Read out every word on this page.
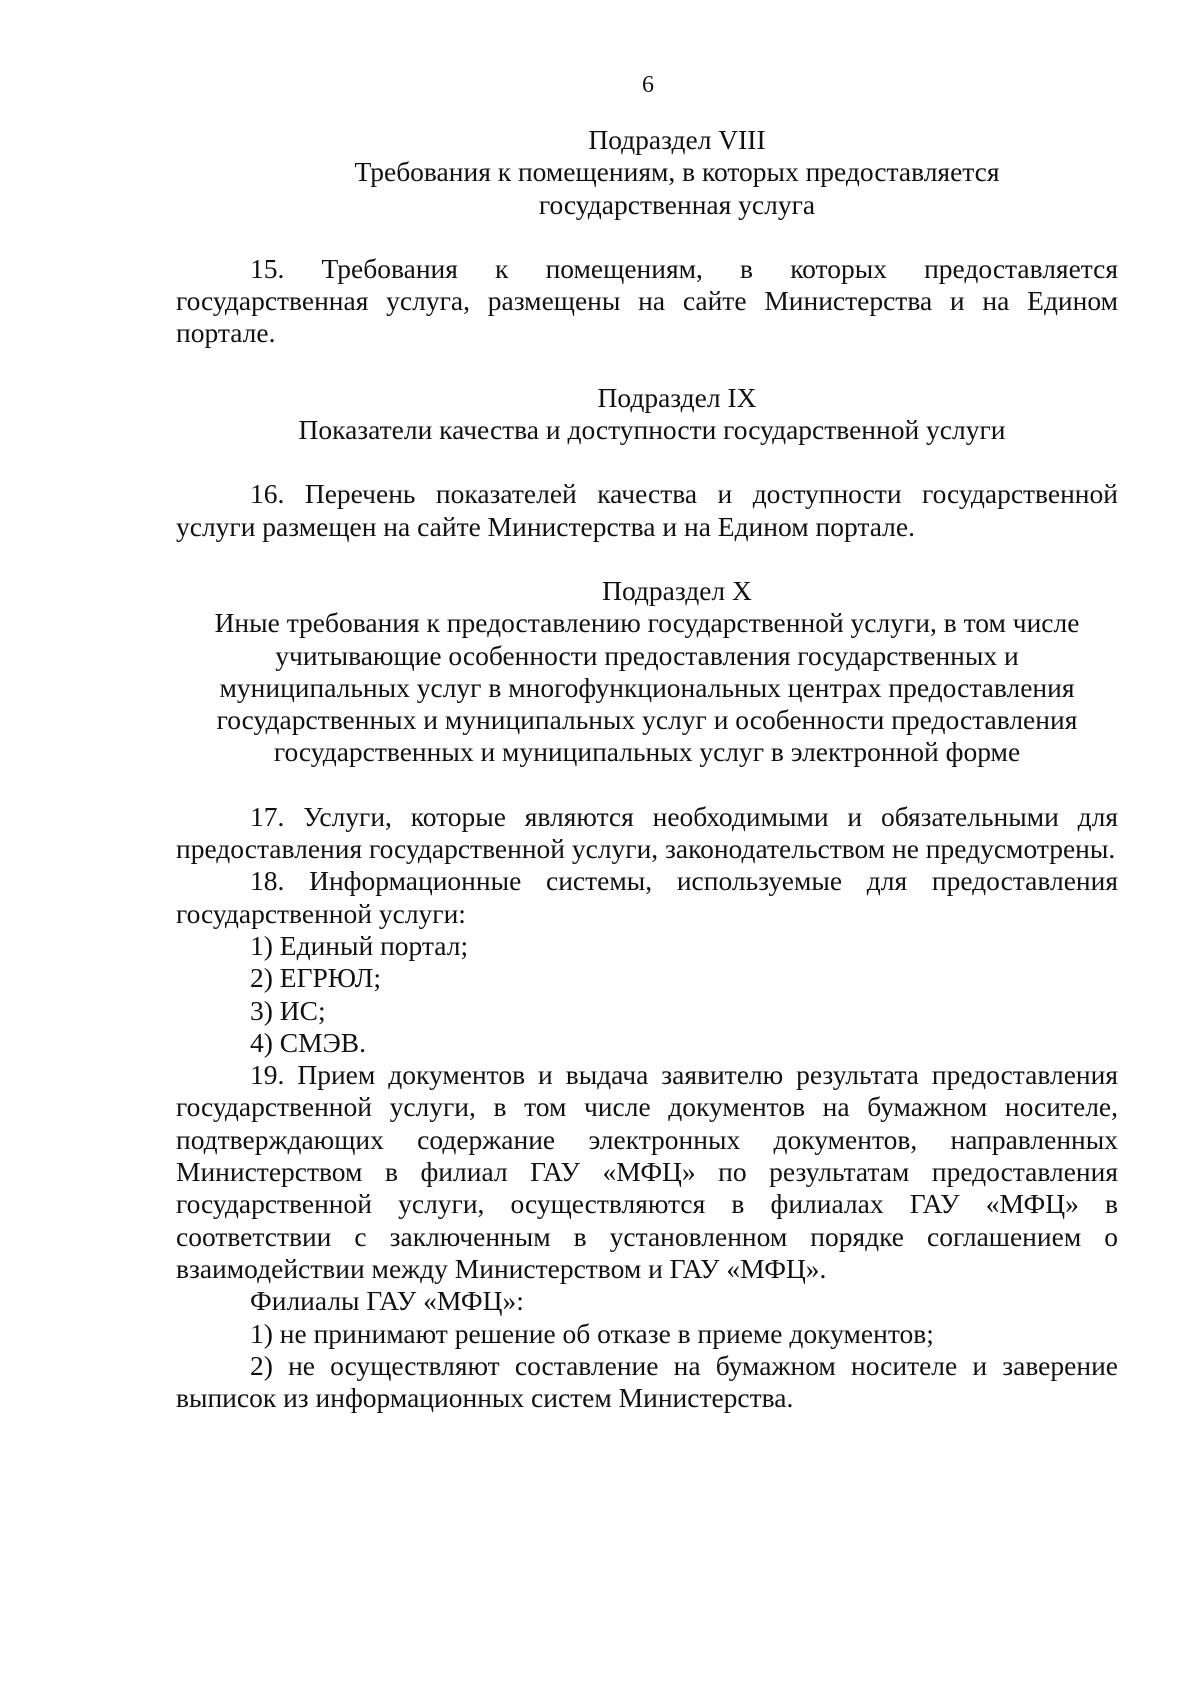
6
Подраздел VIII
Требования к помещениям, в которых предоставляется
государственная услуга

15. Требования к помещениям, в которых предоставляется государственная услуга, размещены на сайте Министерства и на Едином портале.

Подраздел IX
Показатели качества и доступности государственной услуги

16. Перечень показателей качества и доступности государственной услуги размещен на сайте Министерства и на Едином портале.

Подраздел X
Иные требования к предоставлению государственной услуги, в том числе
учитывающие особенности предоставления государственных и
муниципальных услуг в многофункциональных центрах предоставления
государственных и муниципальных услуг и особенности предоставления
государственных и муниципальных услуг в электронной форме

17. Услуги, которые являются необходимыми и обязательными для предоставления государственной услуги, законодательством не предусмотрены.

18. Информационные системы, используемые для предоставления государственной услуги:

1) Единый портал;

2) ЕГРЮЛ;

3) ИС;

4) СМЭВ.

19. Прием документов и выдача заявителю результата предоставления государственной услуги, в том числе документов на бумажном носителе, подтверждающих содержание электронных документов, направленных Министерством в филиал ГАУ «МФЦ» по результатам предоставления государственной услуги, осуществляются в филиалах ГАУ «МФЦ» в соответствии с заключенным в установленном порядке соглашением о взаимодействии между Министерством и ГАУ «МФЦ».

Филиалы ГАУ «МФЦ»:

1) не принимают решение об отказе в приеме документов;

2) не осуществляют составление на бумажном носителе и заверение выписок из информационных систем Министерства.
